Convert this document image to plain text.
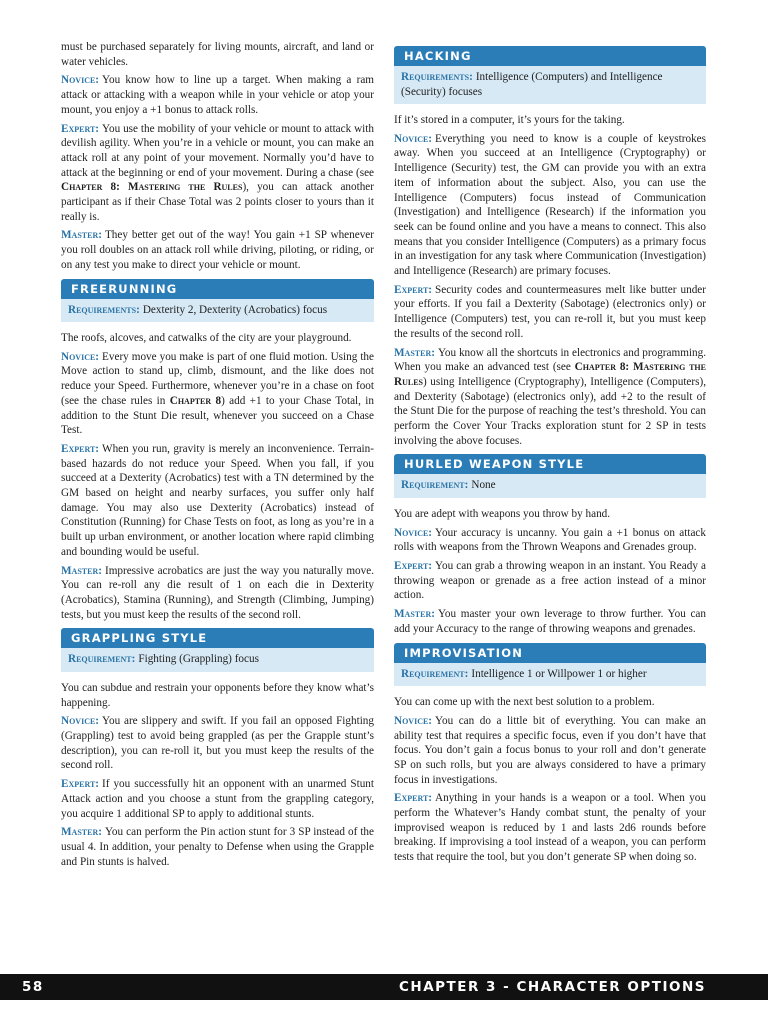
must be purchased separately for living mounts, aircraft, and land or water vehicles.

Novice: You know how to line up a target. When making a ram attack or attacking with a weapon while in your vehicle or atop your mount, you enjoy a +1 bonus to attack rolls.

Expert: You use the mobility of your vehicle or mount to attack with devilish agility. When you’re in a vehicle or mount, you can make an attack roll at any point of your movement. Normally you’d have to attack at the beginning or end of your movement. During a chase (see Chapter 8: Mastering the Rules), you can attack another participant as if their Chase Total was 2 points closer to yours than it really is.

Master: They better get out of the way! You gain +1 SP whenever you roll doubles on an attack roll while driving, piloting, or riding, or on any test you make to direct your vehicle or mount.

FREERUNNING
Requirements: Dexterity 2, Dexterity (Acrobatics) focus

The roofs, alcoves, and catwalks of the city are your playground.

Novice: Every move you make is part of one fluid motion. Using the Move action to stand up, climb, dismount, and the like does not reduce your Speed. Furthermore, whenever you’re in a chase on foot (see the chase rules in Chapter 8) add +1 to your Chase Total, in addition to the Stunt Die result, whenever you succeed on a Chase Test.

Expert: When you run, gravity is merely an inconvenience. Terrain-based hazards do not reduce your Speed. When you fall, if you succeed at a Dexterity (Acrobatics) test with a TN determined by the GM based on height and nearby surfaces, you suffer only half damage. You may also use Dexterity (Acrobatics) instead of Constitution (Running) for Chase Tests on foot, as long as you’re in a built up urban environment, or another location where rapid climbing and bounding would be useful.

Master: Impressive acrobatics are just the way you naturally move. You can re-roll any die result of 1 on each die in Dexterity (Acrobatics), Stamina (Running), and Strength (Climbing, Jumping) tests, but you must keep the results of the second roll.

GRAPPLING STYLE
Requirement: Fighting (Grappling) focus

You can subdue and restrain your opponents before they know what’s happening.

Novice: You are slippery and swift. If you fail an opposed Fighting (Grappling) test to avoid being grappled (as per the Grapple stunt’s description), you can re-roll it, but you must keep the results of the second roll.

Expert: If you successfully hit an opponent with an unarmed Stunt Attack action and you choose a stunt from the grappling category, you acquire 1 additional SP to apply to additional stunts.

Master: You can perform the Pin action stunt for 3 SP instead of the usual 4. In addition, your penalty to Defense when using the Grapple and Pin stunts is halved.

HACKING
Requirements: Intelligence (Computers) and Intelligence (Security) focuses

If it’s stored in a computer, it’s yours for the taking.

Novice: Everything you need to know is a couple of keystrokes away. When you succeed at an Intelligence (Cryptography) or Intelligence (Security) test, the GM can provide you with an extra item of information about the subject. Also, you can use the Intelligence (Computers) focus instead of Communication (Investigation) and Intelligence (Research) if the information you seek can be found online and you have a means to connect. This also means that you consider Intelligence (Computers) as a primary focus in an investigation for any task where Communication (Investigation) and Intelligence (Research) are primary focuses.

Expert: Security codes and countermeasures melt like butter under your efforts. If you fail a Dexterity (Sabotage) (electronics only) or Intelligence (Computers) test, you can re-roll it, but you must keep the results of the second roll.

Master: You know all the shortcuts in electronics and programming. When you make an advanced test (see Chapter 8: Mastering the Rules) using Intelligence (Cryptography), Intelligence (Computers), and Dexterity (Sabotage) (electronics only), add +2 to the result of the Stunt Die for the purpose of reaching the test’s threshold. You can perform the Cover Your Tracks exploration stunt for 2 SP in tests involving the above focuses.

HURLED WEAPON STYLE
Requirement: None

You are adept with weapons you throw by hand.

Novice: Your accuracy is uncanny. You gain a +1 bonus on attack rolls with weapons from the Thrown Weapons and Grenades group.

Expert: You can grab a throwing weapon in an instant. You Ready a throwing weapon or grenade as a free action instead of a minor action.

Master: You master your own leverage to throw further. You can add your Accuracy to the range of throwing weapons and grenades.

IMPROVISATION
Requirement: Intelligence 1 or Willpower 1 or higher

You can come up with the next best solution to a problem.

Novice: You can do a little bit of everything. You can make an ability test that requires a specific focus, even if you don’t have that focus. You don’t gain a focus bonus to your roll and don’t generate SP on such rolls, but you are always considered to have a primary focus in investigations.

Expert: Anything in your hands is a weapon or a tool. When you perform the Whatever’s Handy combat stunt, the penalty of your improvised weapon is reduced by 1 and lasts 2d6 rounds before breaking. If improvising a tool instead of a weapon, you can perform tests that require the tool, but you don’t generate SP when doing so.

58	CHAPTER 3 - CHARACTER OPTIONS
